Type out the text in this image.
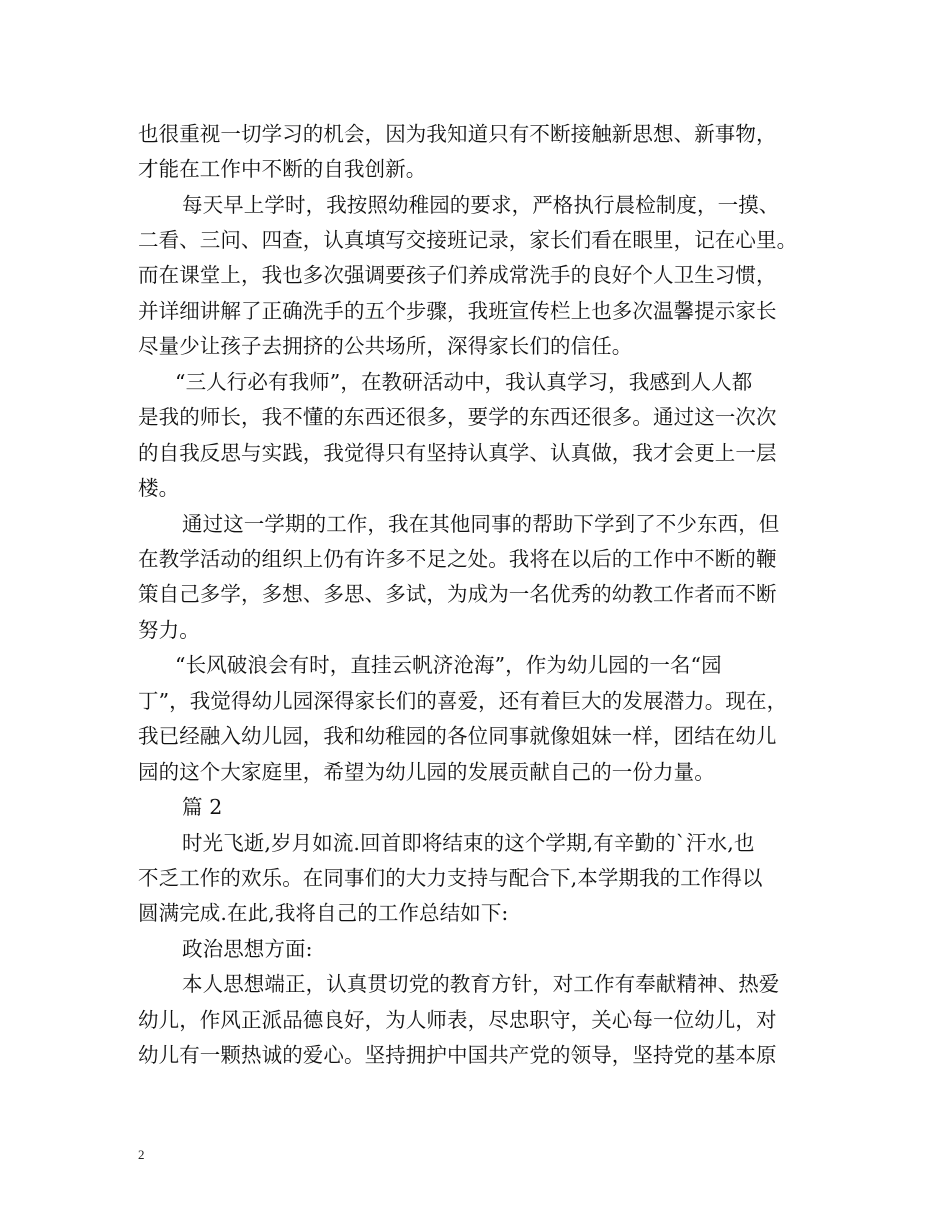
也很重视一切学习的机会，因为我知道只有不断接触新思想、新事物，
才能在工作中不断的自我创新。
每天早上学时，我按照幼稚园的要求，严格执行晨检制度，一摸、
二看、三问、四查，认真填写交接班记录，家长们看在眼里，记在心里。
而在课堂上，我也多次强调要孩子们养成常洗手的良好个人卫生习惯，
并详细讲解了正确洗手的五个步骤，我班宣传栏上也多次温馨提示家长
尽量少让孩子去拥挤的公共场所，深得家长们的信任。
“三人行必有我师”，在教研活动中，我认真学习，我感到人人都
是我的师长，我不懂的东西还很多，要学的东西还很多。通过这一次次
的自我反思与实践，我觉得只有坚持认真学、认真做，我才会更上一层
楼。
通过这一学期的工作，我在其他同事的帮助下学到了不少东西，但
在教学活动的组织上仍有许多不足之处。我将在以后的工作中不断的鞭
策自己多学，多想、多思、多试，为成为一名优秀的幼教工作者而不断
努力。
“长风破浪会有时，直挂云帆济沧海”，作为幼儿园的一名“园
丁”，我觉得幼儿园深得家长们的喜爱，还有着巨大的发展潜力。现在，
我已经融入幼儿园，我和幼稚园的各位同事就像姐妹一样，团结在幼儿
园的这个大家庭里，希望为幼儿园的发展贡献自己的一份力量。
篇 2
时光飞逝,岁月如流.回首即将结束的这个学期,有辛勤的`汗水,也
不乏工作的欢乐。在同事们的大力支持与配合下,本学期我的工作得以
圆满完成.在此,我将自己的工作总结如下:
政治思想方面:
本人思想端正，认真贯切党的教育方针，对工作有奉献精神、热爱
幼儿，作风正派品德良好，为人师表，尽忠职守，关心每一位幼儿，对
幼儿有一颗热诚的爱心。坚持拥护中国共产党的领导，坚持党的基本原
2
